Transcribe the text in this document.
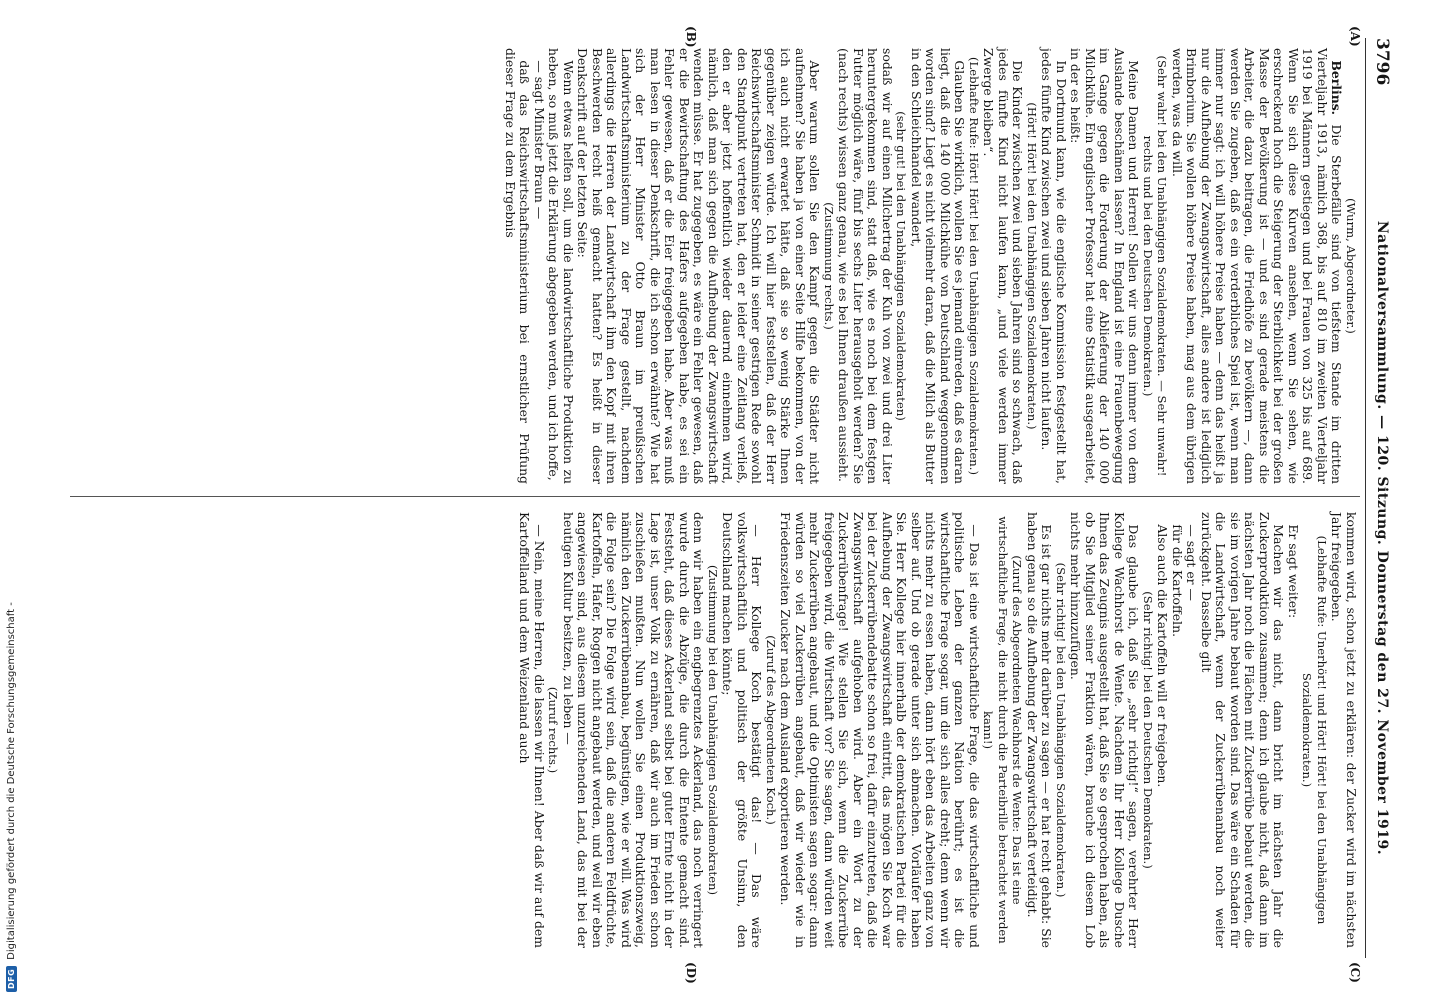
DFG
Digitalisierung gefördert durch die Deutsche Forschungsgemeinschaft -
3796
Nationalversammlung. — 120. Sitzung. Donnerstag den 27. November 1919.
(A)
(B)
(C)
(D)

(Wurm, Abgeordneter.)

Berlins. Die Sterbefälle sind von tiefstem Stande im dritten Vierteljahr 1913, nämlich 368, bis auf 810 im zweiten Vierteljahr 1919 bei Männern gestiegen und bei Frauen von 325 bis auf 689. Wenn Sie sich diese Kurven ansehen, wenn Sie sehen, wie erschreckend hoch die Steigerung der Sterblichkeit bei der großen Masse der Bevölkerung ist — und es sind gerade meistens die Arbeiter, die dazu beitragen, die Friedhöfe zu bevölkern —, dann werden Sie zugeben, daß es ein verderbliches Spiel ist, wenn man immer nur sagt: ich will höhere Preise haben — denn das heißt ja nur die Aufhebung der Zwangswirtschaft, alles andere ist lediglich Brimborium. Sie wollen höhere Preise haben, mag aus dem übrigen werden, was da will.

(Sehr wahr! bei den Unabhängigen Sozialdemokraten. — Sehr unwahr! rechts und bei den Deutschen Demokraten.)

Meine Damen und Herren! Sollen wir uns denn immer von dem Auslande beschämen lassen? In England ist eine Frauenbewegung im Gange gegen die Forderung der Ablieferung der 140 000 Milchkühe. Ein englischer Professor hat eine Statistik ausgearbeitet, in der es heißt:

In Dortmund kann, wie die englische Kommission festgestellt hat, jedes fünfte Kind zwischen zwei und sieben Jahren nicht laufen.

(Hört! Hört! bei den Unabhängigen Sozialdemokraten.)

Die Kinder zwischen zwei und sieben Jahren sind so schwach, daß jedes fünfte Kind nicht laufen kann, „und viele werden immer Zwerge bleiben“.

(Lebhafte Rufe: Hört! Hört! bei den Unabhängigen Sozialdemokraten.)

Glauben Sie wirklich, wollen Sie es jemand einreden, daß es daran liegt, daß die 140 000 Milchkühe von Deutschland weggenommen worden sind? Liegt es nicht vielmehr daran, daß die Milch als Butter in den Schleichhandel wandert,

(sehr gut! bei den Unabhängigen Sozialdemokraten)

sodaß wir auf einen Milchertrag der Kuh von zwei und drei Liter heruntergekommen sind, statt daß, wie es noch bei dem festgen Futter möglich wäre, fünf bis sechs Liter herausgeholt werden? Sie (nach rechts) wissen ganz genau, wie es bei Ihnen draußen aussieht.

(Zustimmung rechts.)

Aber warum sollen Sie den Kampf gegen die Städter nicht aufnehmen? Sie haben ja von einer Seite Hilfe bekommen, von der ich auch nicht erwartet hätte, daß sie so wenig Stärke Ihnen gegenüber zeigen würde. Ich will hier feststellen, daß der Herr Reichswirtschaftsminister Schmidt in seiner gestrigen Rede sowohl den Standpunkt vertreten hat, den er leider eine Zeitlang verließ, den er aber jetzt hoffentlich wieder dauernd einnehmen wird, nämlich, daß man sich gegen die Aufhebung der Zwangswirtschaft wenden müsse. Er hat zugegeben, es wäre ein Fehler gewesen, daß er die Bewirtschaftung des Hafers aufgegeben habe, es sei ein Fehler gewesen, daß er die Eier freigegeben habe. Aber was muß man lesen in dieser Denkschrift, die ich schon erwähnte? Wie hat sich der Herr Minister Otto Braun im preußischen Landwirtschaftsministerium zu der Frage gestellt, nachdem allerdings die Herren der Landwirtschaft ihm den Kopf mit ihren Beschwerden recht heiß gemacht hatten? Es heißt in dieser Denkschrift auf der letzten Seite:

Wenn etwas helfen soll, um die landwirtschaftliche Produktion zu heben, so muß jetzt die Erklärung abgegeben werden, und ich hoffe,

— sagt Minister Braun —

daß das Reichswirtschaftsministerium bei ernstlicher Prüfung dieser Frage zu dem Ergebnis

kommen wird, schon jetzt zu erklären: der Zucker wird im nächsten Jahr freigegeben.

(Lebhafte Rufe: Unerhört! und Hört! Hört! bei den Unabhängigen Sozialdemokraten.)

Er sagt weiter:

Machen wir das nicht, dann bricht im nächsten Jahr die Zuckerproduktion zusammen; denn ich glaube nicht, daß dann im nächsten Jahr noch die Flächen mit Zuckerrübe bebaut werden, die sie im vorigen Jahre bebaut worden sind. Das wäre ein Schaden für die Landwirtschaft, wenn der Zuckerrübenanbau noch weiter zurückgeht. Dasselbe gilt

— sagt er —

für die Kartoffeln.

Also auch die Kartoffeln will er freigeben.

(Sehr richtig! bei den Deutschen Demokraten.)

Das glaube ich, daß Sie „sehr richtig!“ sagen, verehrter Herr Kollege Wachhorst de Wente. Nachdem Ihr Herr Kollege Dusche Ihnen das Zeugnis ausgestellt hat, daß Sie so gesprochen haben, als ob Sie Mitglied seiner Fraktion wären, brauche ich diesem Lob nichts mehr hinzuzufügen.

(Sehr richtig! bei den Unabhängigen Sozialdemokraten.)

Es ist gar nichts mehr darüber zu sagen — er hat recht gehabt: Sie haben genau so die Aufhebung der Zwangswirtschaft verteidigt.

(Zuruf des Abgeordneten Wachhorst de Wente: Das ist eine wirtschaftliche Frage, die nicht durch die Parteibrille betrachtet werden kann!)

— Das ist eine wirtschaftliche Frage, die das wirtschaftliche und politische Leben der ganzen Nation berührt; es ist die wirtschaftliche Frage sogar, um die sich alles dreht; denn wenn wir nichts mehr zu essen haben, dann hört eben das Arbeiten ganz von selber auf. Und ob gerade unter sich abmachen. Vorläufer haben Sie. Herr Kollege hier innerhalb der demokratischen Partei für die Aufhebung der Zwangswirtschaft eintritt, das mögen Sie Koch war bei der Zuckerrübendebatte schon so frei, dafür einzutreten, daß die Zwangswirtschaft aufgehoben wird. Aber ein Wort zu der Zuckerrübenfrage! Wie stellen Sie sich, wenn die Zuckerrübe freigegeben wird, die Wirtschaft vor? Sie sagen, dann würden weit mehr Zuckerrüben angebaut, und die Optimisten sagen sogar: dann würden so viel Zuckerrüben angebaut, daß wir wieder wie in Friedenszeiten Zucker nach dem Ausland exportieren werden.

(Zuruf des Abgeordneten Koch.)

— Herr Kollege Koch bestätigt das! — Das wäre volkswirtschaftlich und politisch der größte Unsinn, den Deutschland machen könnte;

(Zustimmung bei den Unabhängigen Sozialdemokraten)

denn wir haben ein engbegrenztes Ackerland, das noch verringert wurde durch die Abzüge, die durch die Entente gemacht sind. Feststeht, daß dieses Ackerland selbst bei guter Ernte nicht in der Lage ist, unser Volk zu ernähren, daß wir auch im Frieden schon zuschießen mußten. Nun wollen Sie einen Produktionszweig, nämlich den Zuckerrübenanbau, begünstigen, wie er will. Was wird die Folge sein? Die Folge wird sein, daß die anderen Feldfrüchte, Kartoffeln, Hafer, Roggen nicht angebaut werden, und weil wir eben angewiesen sind, aus diesem unzureichenden Land, das mit bei der heutigen Kultur besitzen, zu leben —

(Zuruf rechts.)

— Nein, meine Herren, die lassen wir Ihnen! Aber daß wir auf dem Kartoffelland und dem Weizenland auch
